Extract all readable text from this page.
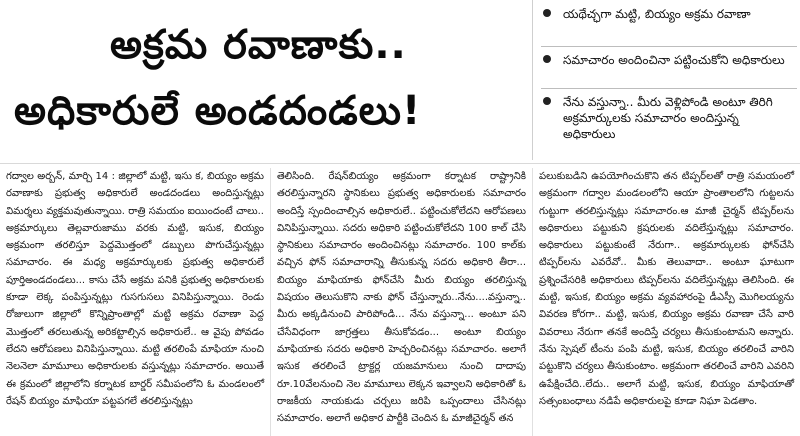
అక్రమ రవాణాకు..
అధికారులే అండదండలు!
యథేచ్ఛగా మట్టి, బియ్యం అక్రమ రవాణా
సమాచారం అందించినా పట్టించుకోని అధికారులు
నేను వస్తున్నా.. మీరు వెళ్లిపోండి అంటూ తిరిగి అక్రమార్కులకు సమాచారం అందిస్తున్న అధికారులు
గద్వాల అర్బన్, మార్చి 14 : జిల్లాలో మట్టి, ఇసు క, బియ్యం అక్రమ రవాణాకు ప్రభుత్వ అధికారులే అండదండలు అందిస్తున్నట్లు విమర్శలు వ్యక్తమవుతున్నాయి. రాత్రి సమయం ఐయిందంటే చాలు.. అక్రమార్కులు తెల్లవారుజాము వరకు మట్టి, ఇసుక, బియ్యం అక్రమంగా తరలిస్తూ పెద్దమొత్తంలో డబ్బులు పొగుచేస్తున్నట్లు సమాచారం. ఈ మధ్య అక్రమార్కులకు ప్రభుత్వ అధికారులే పూర్తిఅండదండలు... కాసు చేసే అక్రమ పనికి ప్రభుత్వ అధికారులకు కూడా లెక్క పంపిస్తున్నట్లు గుసగుసలు వినిపిస్తున్నాయి. రెండు రోజులుగా జిల్లాలో కొన్నిప్రాంతాల్లో మట్టి అక్రమ రవాణా పెద్ద మొత్తంలో తరలుతున్న అరికట్టాల్సిన అధికారులే.. ఆ వైపు పోవడం లేదని ఆరోపణలు వినిపిస్తున్నాయి. మట్టి తరలింపే మాఫియా నుంచి నెలనెలా మామూలు అధికారులకు వస్తున్నట్లు సమాచారం. అయితే ఈ క్రమంలో జిల్లాలోని కర్నాటక బార్డర్ సమీపంలోని ఓ మండలంలో రేషన్ బియ్యం మాఫియా పట్టపగలే తరలిస్తున్నట్లు
తెలిసింది. రేషన్‌బియ్యం అక్రమంగా కర్నాటక రాష్ట్రానికి తరలిస్తున్నారని స్థానికులు ప్రభుత్వ అధికారులకు సమాచారం అందిస్తే స్పందించాల్సిన అధికారులే.. పట్టించుకోలేదని ఆరోపణలు వినిపిస్తున్నాయి. సదరు అధికారి పట్టించుకోలేదని 100 కాల్ చేసి స్థానికులు సమాచారం అందించినట్లు సమాచారం. 100 కాల్‌కు వచ్చిన ఫోన్ సమాచారాన్ని తీసుకున్న సదరు అధికారి తీరా... బియ్యం మాఫియాకు ఫోన్‌చేసి మీరు బియ్యం తరలిస్తున్న విషయం తెలుసుకొని నాకు ఫోన్ చేస్తున్నారు..నేను....వస్తున్నా.. మీరు అక్కడినుంచి పారిపోండి... నేను వస్తున్నా... అంటూ పని చేసేవిధంగా జాగ్రత్తలు తీసుకోవడం... అంటూ బియ్యం మాఫియాకు సదరు అధికారి హెచ్చరించినట్లు సమాచారం. అలాగే ఇసుక తరలించే ట్రాక్టర్ల యజమానులు నుంచి దాదాపు రూ.10వేలనుంచి నెల మామూలు లెక్కన ఇవ్వాలని అధికారితో ఓ రాజకీయ నాయకుడు చర్చలు జరిపి ఒప్పందాలు చేసినట్లు సమాచారం. అలాగే అధికార పార్టీకి చెందిన ఓ మాజీచైర్మన్ తన
పలుకుబడిని ఉపయోగించుకొని తన టిప్పర్‌లతో రాత్రి సమయంలో అక్రమంగా గద్వాల మండలంలోని ఆయా ప్రాంతాలలోని గుట్టలను గుట్టుగా తరలిస్తున్నట్లు సమాచారం.ఆ మాజీ చైర్మన్ టిప్పర్‌లను అధికారులు పట్టుకుని క్రషరులకు వదిలేస్తున్నట్లు సమాచారం. అధికారులు పట్టుకుంటే నేరుగా.. అక్రమార్కులకు ఫోన్‌చేసి టిప్పర్‌లను ఎవరేవో.. మీకు తెలువాదా.. అంటూ ఘాటుగా ప్రశ్నించేసరికి అధికారులు టిప్పర్‌లను వదిలేస్తున్నట్లు తెలిసింది. ఈ మట్టి, ఇసుక, బియ్యం అక్రమ వ్యవహారంపై డీఎస్పీ మొగిలయ్యను వివరణ కోరగా.. మట్టి, ఇసుక, బియ్యం అక్రమ రవాణా చేసే వారి వివరాలు నేరుగా తనకే అందిస్తే చర్యలు తీసుకుంటామని అన్నారు. నేను స్పెషల్ టీంను పంపి మట్టి, ఇసుక, బియ్యం తరలించే వారిని పట్టుకొని చర్యలు తీసుకుంటాం. అక్రమంగా తరలించే వారిని ఎవరిని ఉపేక్షించేది..లేదు.. అలాగే మట్టి, ఇసుక, బియ్యం మాఫియాతో సత్సంబంధాలు నడిపే అధికారులపై కూడా నిఘా పెడతాం.
